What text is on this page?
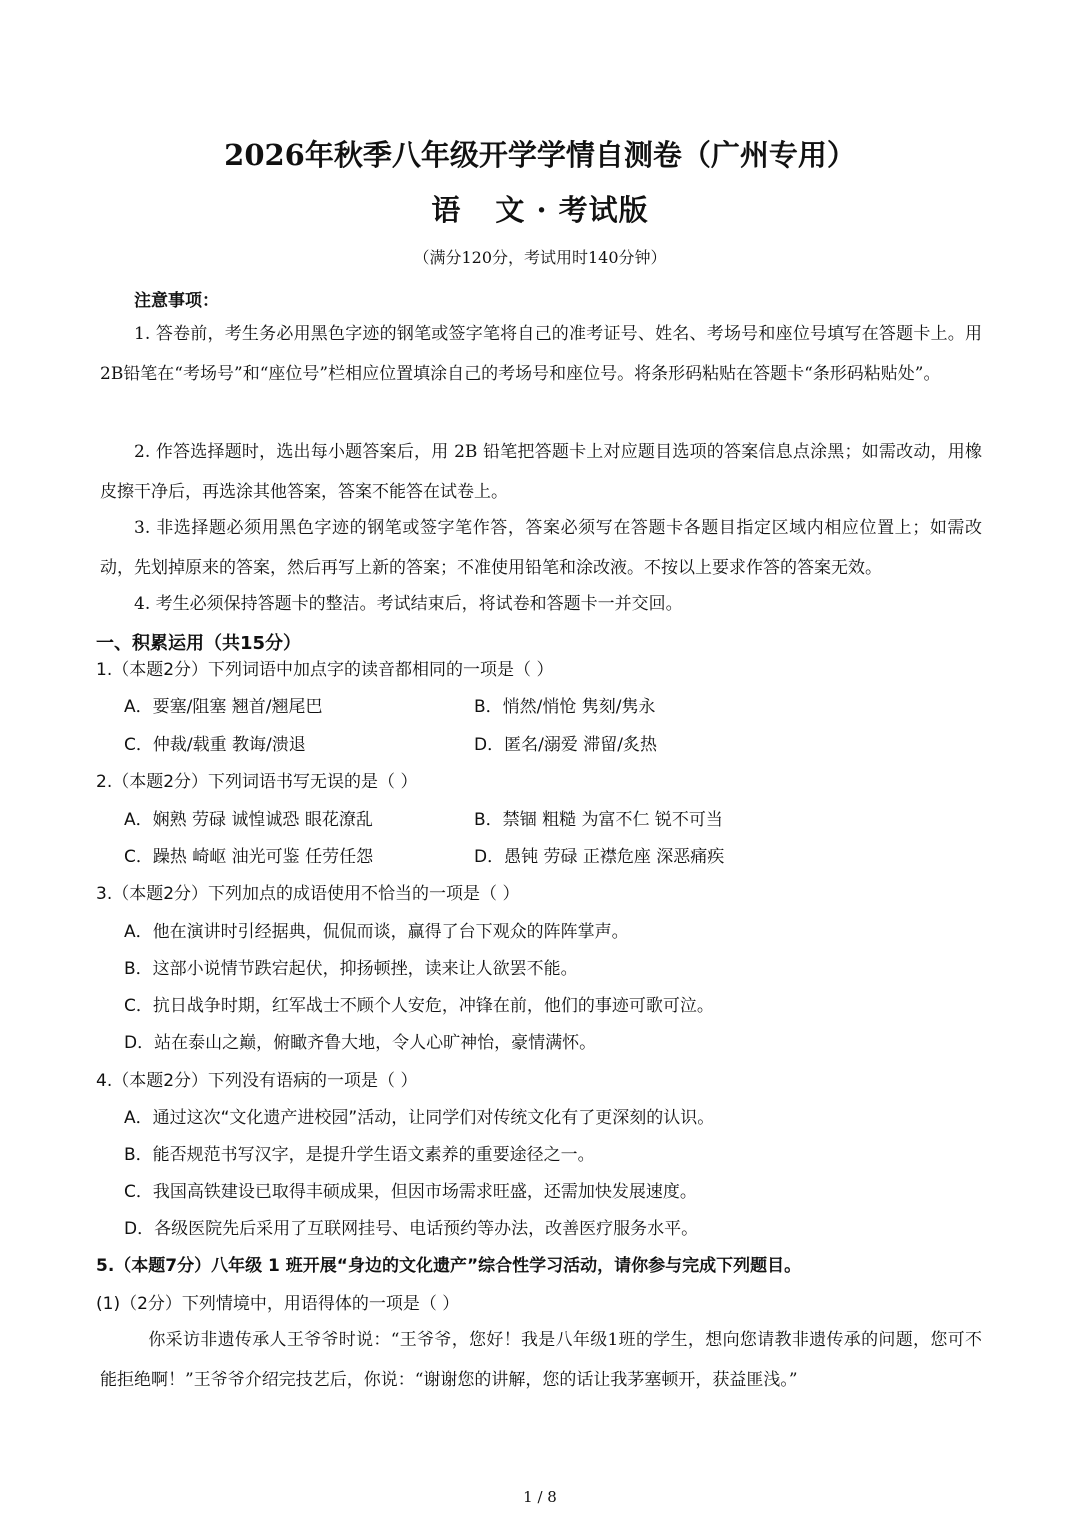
2026年秋季八年级开学学情自测卷（广州专用）
语 文 · 考试版
（满分120分，考试用时140分钟）
注意事项：
1. 答卷前，考生务必用黑色字迹的钢笔或签字笔将自己的准考证号、姓名、考场号和座位号填写在答题卡上。用2B铅笔在“考场号”和“座位号”栏相应位置填涂自己的考场号和座位号。将条形码粘贴在答题卡“条形码粘贴处”。
2. 作答选择题时，选出每小题答案后，用 2B 铅笔把答题卡上对应题目选项的答案信息点涂黑；如需改动，用橡皮擦干净后，再选涂其他答案，答案不能答在试卷上。
3. 非选择题必须用黑色字迹的钢笔或签字笔作答，答案必须写在答题卡各题目指定区域内相应位置上；如需改动，先划掉原来的答案，然后再写上新的答案；不准使用铅笔和涂改液。不按以上要求作答的答案无效。
4. 考生必须保持答题卡的整洁。考试结束后，将试卷和答题卡一并交回。
一、积累运用（共15分）
1.（本题2分）下列词语中加点字的读音都相同的一项是（ ）
A．要塞/阻塞 翘首/翘尾巴	B．悄然/悄怆 隽刻/隽永
C．仲裁/载重 教诲/溃退	D．匿名/溺爱 滞留/炙热
2.（本题2分）下列词语书写无误的是（ ）
A．娴熟 劳碌 诚惶诚恐 眼花潦乱	B．禁锢 粗糙 为富不仁 锐不可当
C．躁热 崎岖 油光可鉴 任劳任怨	D．愚钝 劳碌 正襟危座 深恶痛疾
3.（本题2分）下列加点的成语使用不恰当的一项是（ ）
A．他在演讲时引经据典，侃侃而谈，赢得了台下观众的阵阵掌声。
B．这部小说情节跌宕起伏，抑扬顿挫，读来让人欲罢不能。
C．抗日战争时期，红军战士不顾个人安危，冲锋在前，他们的事迹可歌可泣。
D．站在泰山之巅，俯瞰齐鲁大地，令人心旷神怡，豪情满怀。
4.（本题2分）下列没有语病的一项是（ ）
A．通过这次“文化遗产进校园”活动，让同学们对传统文化有了更深刻的认识。
B．能否规范书写汉字，是提升学生语文素养的重要途径之一。
C．我国高铁建设已取得丰硕成果，但因市场需求旺盛，还需加快发展速度。
D．各级医院先后采用了互联网挂号、电话预约等办法，改善医疗服务水平。
5.（本题7分）八年级 1 班开展“身边的文化遗产”综合性学习活动，请你参与完成下列题目。
(1)（2分）下列情境中，用语得体的一项是（ ）
你采访非遗传承人王爷爷时说：“王爷爷，您好！我是八年级1班的学生，想向您请教非遗传承的问题，您可不能拒绝啊！”王爷爷介绍完技艺后，你说：“谢谢您的讲解，您的话让我茅塞顿开，获益匪浅。”
1 / 8
